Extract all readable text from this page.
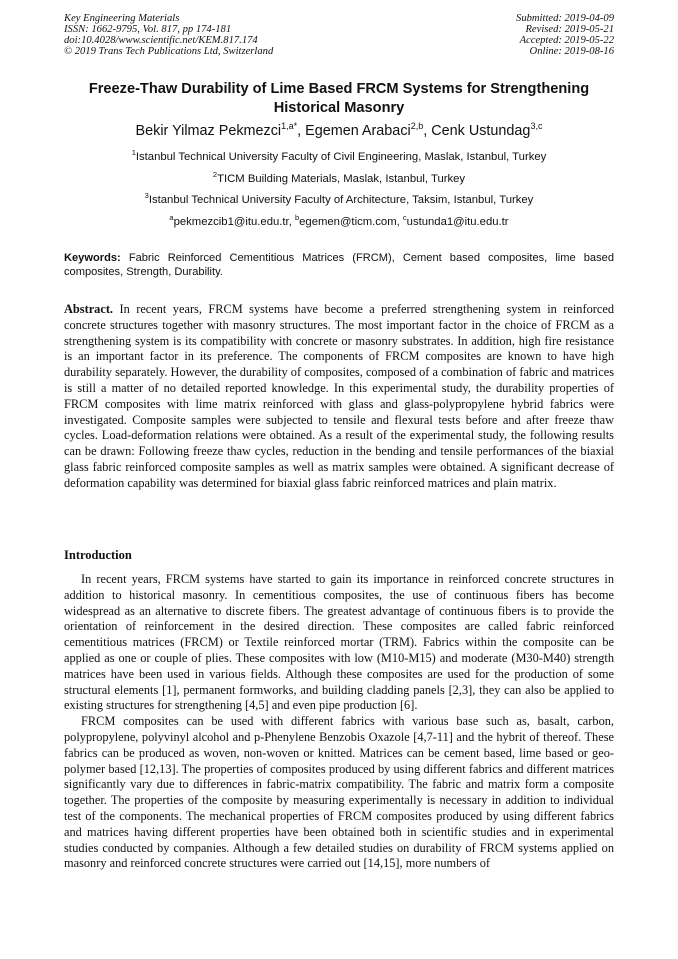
Key Engineering Materials
ISSN: 1662-9795, Vol. 817, pp 174-181
doi:10.4028/www.scientific.net/KEM.817.174
© 2019 Trans Tech Publications Ltd, Switzerland
Submitted: 2019-04-09
Revised: 2019-05-21
Accepted: 2019-05-22
Online: 2019-08-16
Freeze-Thaw Durability of Lime Based FRCM Systems for Strengthening Historical Masonry
Bekir Yilmaz Pekmezci$^{1,a*}$, Egemen Arabaci$^{2,b}$, Cenk Ustundag$^{3,c}$
$^1$Istanbul Technical University Faculty of Civil Engineering, Maslak, Istanbul, Turkey
$^2$TICM Building Materials, Maslak, Istanbul, Turkey
$^3$Istanbul Technical University Faculty of Architecture, Taksim, Istanbul, Turkey
$^a$pekmezcib1@itu.edu.tr, $^b$egemen@ticm.com, $^c$ustunda1@itu.edu.tr
Keywords: Fabric Reinforced Cementitious Matrices (FRCM), Cement based composites, lime based composites, Strength, Durability.

Abstract. In recent years, FRCM systems have become a preferred strengthening system in reinforced concrete structures together with masonry structures. The most important factor in the choice of FRCM as a strengthening system is its compatibility with concrete or masonry substrates. In addition, high fire resistance is an important factor in its preference. The components of FRCM composites are known to have high durability separately. However, the durability of composites, composed of a combination of fabric and matrices is still a matter of no detailed reported knowledge. In this experimental study, the durability properties of FRCM composites with lime matrix reinforced with glass and glass-polypropylene hybrid fabrics were investigated. Composite samples were subjected to tensile and flexural tests before and after freeze thaw cycles. Load-deformation relations were obtained. As a result of the experimental study, the following results can be drawn: Following freeze thaw cycles, reduction in the bending and tensile performances of the biaxial glass fabric reinforced composite samples as well as matrix samples were obtained. A significant decrease of deformation capability was determined for biaxial glass fabric reinforced matrices and plain matrix.

Introduction

In recent years, FRCM systems have started to gain its importance in reinforced concrete structures in addition to historical masonry. In cementitious composites, the use of continuous fibers has become widespread as an alternative to discrete fibers. The greatest advantage of continuous fibers is to provide the orientation of reinforcement in the desired direction. These composites are called fabric reinforced cementitious matrices (FRCM) or Textile reinforced mortar (TRM). Fabrics within the composite can be applied as one or couple of plies. These composites with low (M10-M15) and moderate (M30-M40) strength matrices have been used in various fields. Although these composites are used for the production of some structural elements [1], permanent formworks, and building cladding panels [2,3], they can also be applied to existing structures for strengthening [4,5] and even pipe production [6].

FRCM composites can be used with different fabrics with various base such as, basalt, carbon, polypropylene, polyvinyl alcohol and p-Phenylene Benzobis Oxazole [4,7-11] and the hybrit of thereof. These fabrics can be produced as woven, non-woven or knitted. Matrices can be cement based, lime based or geo-polymer based [12,13]. The properties of composites produced by using different fabrics and different matrices significantly vary due to differences in fabric-matrix compatibility. The fabric and matrix form a composite together. The properties of the composite by measuring experimentally is necessary in addition to individual test of the components. The mechanical properties of FRCM composites produced by using different fabrics and matrices having different properties have been obtained both in scientific studies and in experimental studies conducted by companies. Although a few detailed studies on durability of FRCM systems applied on masonry and reinforced concrete structures were carried out [14,15], more numbers of
